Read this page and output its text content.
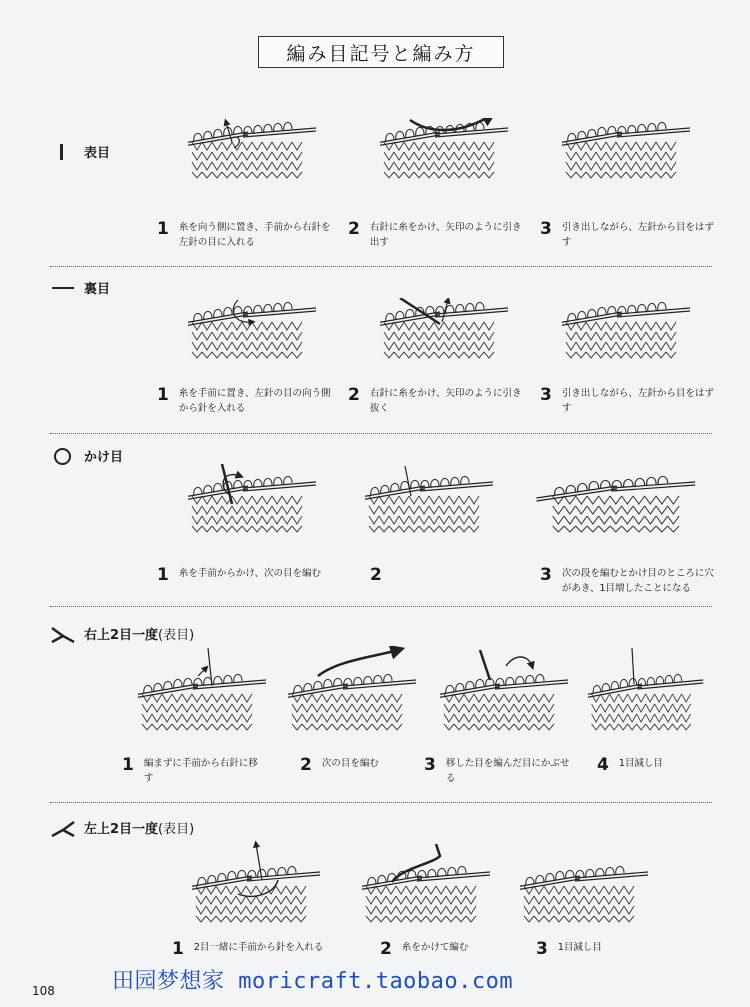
編み目記号と編み方
表目
1 糸を向う側に置き、手前から右針を左針の目に入れる
2 右針に糸をかけ、矢印のように引き出す
3 引き出しながら、左針から目をはずす
裏目
1 糸を手前に置き、左針の目の向う側から針を入れる
2 右針に糸をかけ、矢印のように引き抜く
3 引き出しながら、左針から目をはずす
かけ目
1 糸を手前からかけ、次の目を編む	2	3 次の段を編むとかけ目のところに穴があき、1目増したことになる
右上2目一度 (表目)
1 編まずに手前から右針に移す
2 次の目を編む	3 移した目を編んだ目にかぶせる
4 1目減し目
左上2目一度 (表目)
1 2目一緒に手前から針を入れる	2 糸をかけて編む	3 1目減し目
108	田园梦想家 moricraft.taobao.com
